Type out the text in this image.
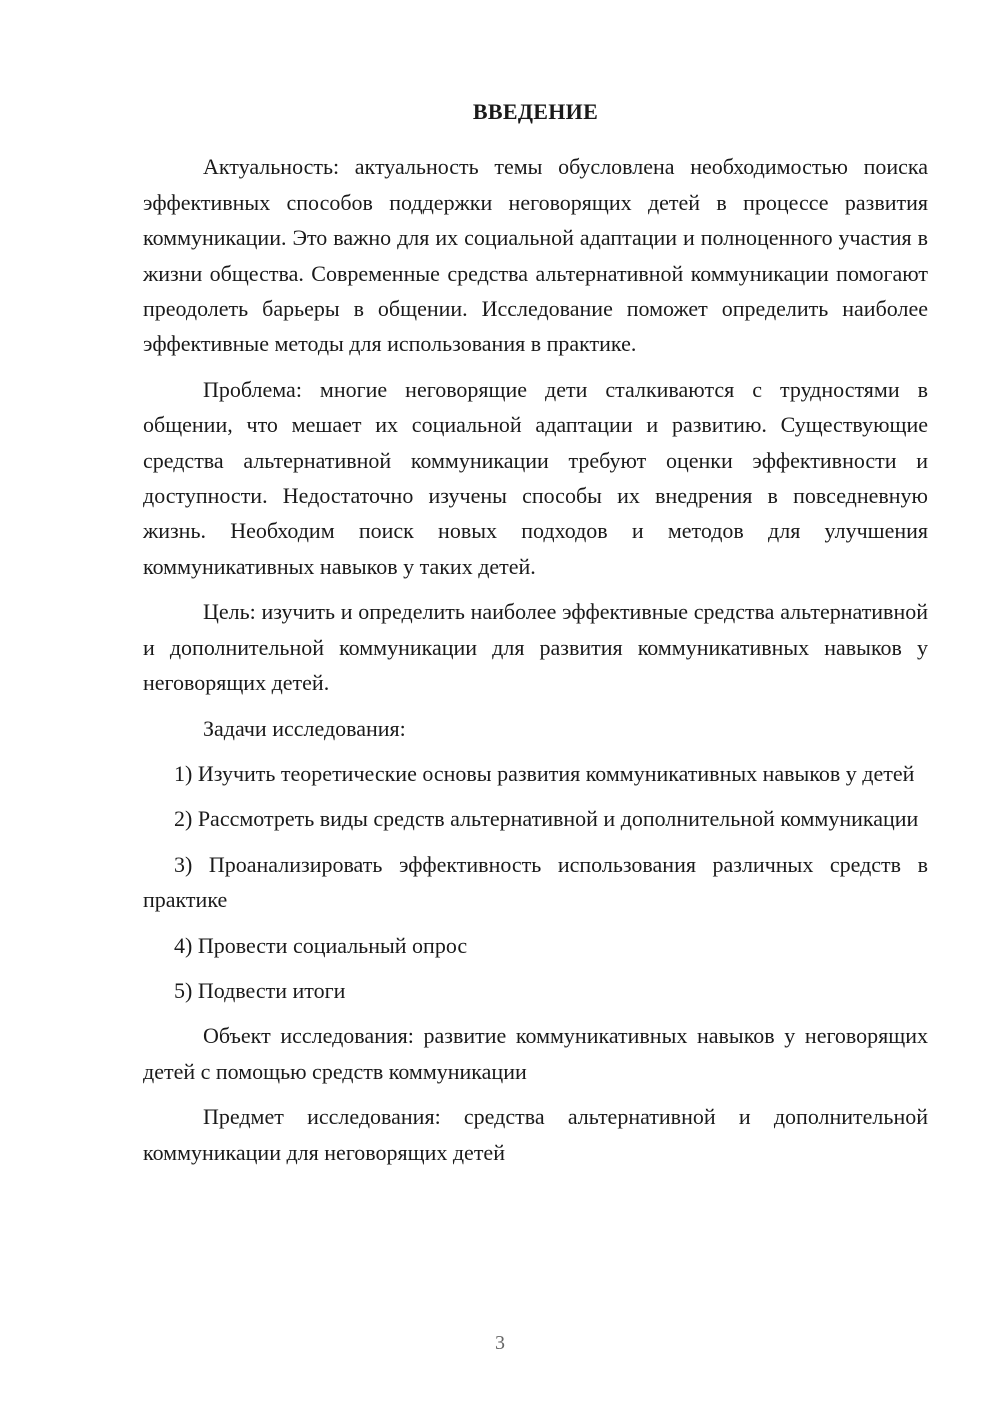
ВВЕДЕНИЕ

Актуальность: актуальность темы обусловлена необходимостью поиска эффективных способов поддержки неговорящих детей в процессе развития коммуникации. Это важно для их социальной адаптации и полноценного участия в жизни общества. Современные средства альтернативной коммуникации помогают преодолеть барьеры в общении. Исследование поможет определить наиболее эффективные методы для использования в практике.

Проблема: многие неговорящие дети сталкиваются с трудностями в общении, что мешает их социальной адаптации и развитию. Существующие средства альтернативной коммуникации требуют оценки эффективности и доступности. Недостаточно изучены способы их внедрения в повседневную жизнь. Необходим поиск новых подходов и методов для улучшения коммуникативных навыков у таких детей.

Цель: изучить и определить наиболее эффективные средства альтернативной и дополнительной коммуникации для развития коммуникативных навыков у неговорящих детей.

Задачи исследования:

1) Изучить теоретические основы развития коммуникативных навыков у детей

2) Рассмотреть виды средств альтернативной и дополнительной коммуникации

3) Проанализировать эффективность использования различных средств в практике

4) Провести социальный опрос

5) Подвести итоги

Объект исследования: развитие коммуникативных навыков у неговорящих детей с помощью средств коммуникации

Предмет исследования: средства альтернативной и дополнительной коммуникации для неговорящих детей

3
